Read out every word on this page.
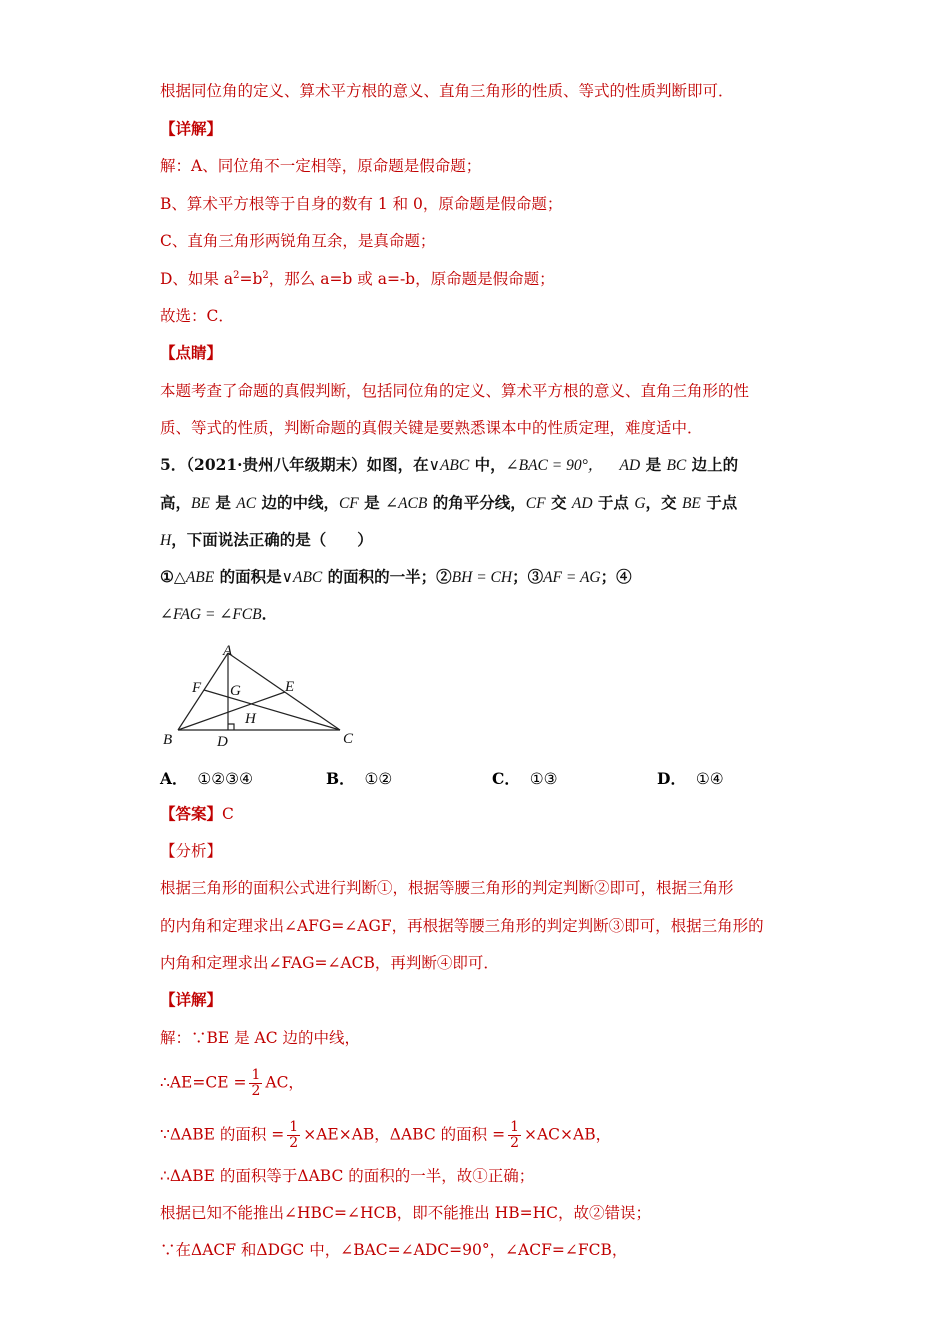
根据同位角的定义、算术平方根的意义、直角三角形的性质、等式的性质判断即可．
【详解】
解：A、同位角不一定相等，原命题是假命题；
B、算术平方根等于自身的数有 1 和 0，原命题是假命题；
C、直角三角形两锐角互余，是真命题；
D、如果 $a^2=b^2$，那么 a=b 或 a=-b，原命题是假命题；
故选：C．
【点睛】
本题考查了命题的真假判断，包括同位角的定义、算术平方根的意义、直角三角形的性
质、等式的性质，判断命题的真假关键是要熟悉课本中的性质定理，难度适中．
5．（2021·贵州八年级期末）如图，在∨ABC 中，∠BAC = 90°， AD 是 BC 边上的
高，BE 是 AC 边的中线，CF 是 ∠ACB 的角平分线，CF 交 AD 于点 G，交 BE 于点
H，下面说法正确的是（　　）
①△ABE 的面积是∨ABC 的面积的一半；②BH = CH；③AF = AG；④
∠FAG = ∠FCB．
A
B	C
D
E
F G
H
A． ①②③④	B． ①②	C． ①③	D． ①④
【答案】C
【分析】
根据三角形的面积公式进行判断①，根据等腰三角形的判定判断②即可，根据三角形
的内角和定理求出∠AFG=∠AGF，再根据等腰三角形的判定判断③即可，根据三角形的
内角和定理求出∠FAG=∠ACB，再判断④即可．
【详解】
解：∵BE 是 AC 边的中线，
∴AE=CE = $\frac{1}{2}$ AC，
∵ΔABE 的面积 = $\frac{1}{2} \times AE\times AB$，ΔABC 的面积 = $\frac{1}{2} \times AC\times AB$，
∴ΔABE 的面积等于ΔABC 的面积的一半，故①正确；
根据已知不能推出∠HBC=∠HCB，即不能推出 HB=HC，故②错误；
∵在ΔACF 和ΔDGC 中，∠BAC=∠ADC=90°，∠ACF=∠FCB，
